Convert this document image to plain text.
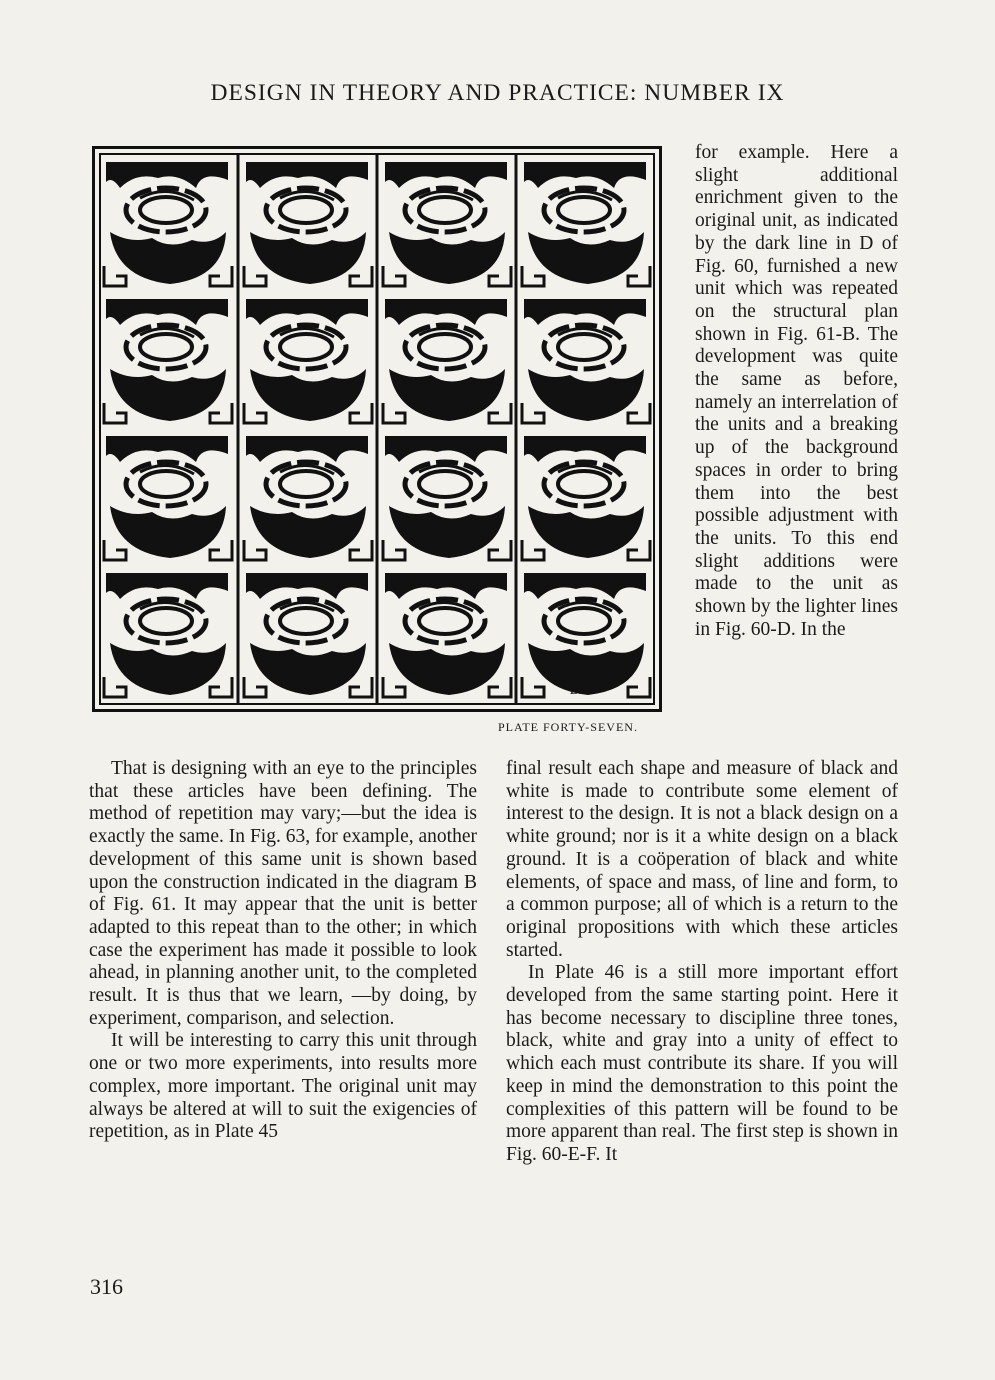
DESIGN IN THEORY AND PRACTICE: NUMBER IX
B.
PLATE FORTY-SEVEN.

for example. Here a slight additional enrichment given to the original unit, as indicated by the dark line in D of Fig. 60, furnished a new unit which was repeated on the structural plan shown in Fig. 61-B. The development was quite the same as before, namely an interrelation of the units and a breaking up of the background spaces in order to bring them into the best possible adjustment with the units. To this end slight additions were made to the unit as shown by the lighter lines in Fig. 60-D. In the

That is designing with an eye to the principles that these articles have been defining. The method of repetition may vary;—but the idea is exactly the same. In Fig. 63, for example, another development of this same unit is shown based upon the construction indicated in the diagram B of Fig. 61. It may appear that the unit is better adapted to this repeat than to the other; in which case the experiment has made it possible to look ahead, in planning another unit, to the completed result. It is thus that we learn, —by doing, by experiment, comparison, and selection.

It will be interesting to carry this unit through one or two more experiments, into results more complex, more important. The original unit may always be altered at will to suit the exigencies of repetition, as in Plate 45

final result each shape and measure of black and white is made to contribute some element of interest to the design. It is not a black design on a white ground; nor is it a white design on a black ground. It is a coöperation of black and white elements, of space and mass, of line and form, to a common purpose; all of which is a return to the original propositions with which these articles started.

In Plate 46 is a still more important effort developed from the same starting point. Here it has become necessary to discipline three tones, black, white and gray into a unity of effect to which each must contribute its share. If you will keep in mind the demonstration to this point the complexities of this pattern will be found to be more apparent than real. The first step is shown in Fig. 60-E-F. It

316
